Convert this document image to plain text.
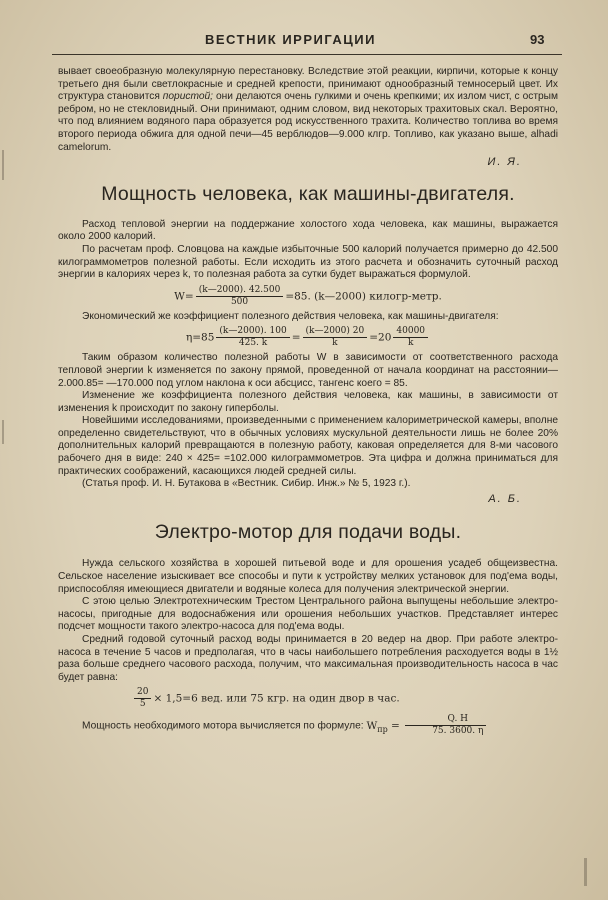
ВЕСТНИК ИРРИГАЦИИ	93

вывает своеобразную молекулярную перестановку. Вследствие этой реакции, кирпичи, которые к концу третьего дня были светлокрасные и средней крепости, принимают однообразный темносерый цвет. Их структура становится пористой; они делаются очень гулкими и очень крепкими; их излом чист, с острым ребром, но не стекловидный. Они принимают, одним словом, вид некоторых трахитовых скал. Вероятно, что под влиянием водяного пара образуется род искусственного трахита. Количество топлива во время второго периода обжига для одной печи—45 верблюдов—9.000 клгр. Топливо, как указано выше, alhadi camelorum.

И. Я.

Мощность человека, как машины-двигателя.

Расход тепловой энергии на поддержание холостого хода человека, как машины, выражается около 2000 калорий.

По расчетам проф. Словцова на каждые избыточные 500 калорий получается примерно до 42.500 килограммометров полезной работы. Если исходить из этого расчета и обозначить суточный расход энергии в калориях через k, то полезная работа за сутки будет выражаться формулой.

$W= \frac{(k—2000). 42.500}{500} =85$. (k—2000) килогр-метр.

Экономический же коэффициент полезного действия человека, как машины-двигателя:

$\eta=85 \frac{(k—2000). 100}{425. k} = \frac{(k—2000) 20}{k} =20 \frac{40000}{k}$

Таким образом количество полезной работы W в зависимости от соответственного расхода тепловой энергии k изменяется по закону прямой, проведенной от начала координат на расстоянии—2.000.85= —170.000 под углом наклона к оси абсцисс, тангенс коего = 85.

Изменение же коэффициента полезного действия человека, как машины, в зависимости от изменения k происходит по закону гиперболы.

Новейшими исследованиями, произведенными с применением калориметрической камеры, вполне определенно свидетельствуют, что в обычных условиях мускульной деятельности лишь не более 20% дополнительных калорий превращаются в полезную работу, каковая определяется для 8-ми часового рабочего дня в виде: 240 × 425= =102.000 килограммометров. Эта цифра и должна приниматься для практических соображений, касающихся людей средней силы.

(Статья проф. И. Н. Бутакова в «Вестник. Сибир. Инж.» № 5, 1923 г.).

А. Б.

Электро-мотор для подачи воды.

Нужда сельского хозяйства в хорошей питьевой воде и для орошения усадеб общеизвестна. Сельское население изыскивает все способы и пути к устройству мелких установок для под'ема воды, приспособляя имеющиеся двигатели и водяные колеса для получения электрической энергии.

С этою целью Электротехническим Трестом Центрального района выпущены небольшие электро-насосы, пригодные для водоснабжения или орошения небольших участков. Представляет интерес подсчет мощности такого электро-насоса для под'ема воды.

Средний годовой суточный расход воды принимается в 20 ведер на двор. При работе электро-насоса в течение 5 часов и предполагая, что в часы наибольшего потребления расходуется воды в 1½ раза больше среднего часового расхода, получим, что максимальная производительность насоса в час будет равна:

$\frac{20}{5} \times 1,5=6$ вед. или 75 кгр. на один двор в час.

Мощность необходимого мотора вычисляется по формуле: $W_{пр} = \frac{Q. H}{75. 3600. \eta}$
